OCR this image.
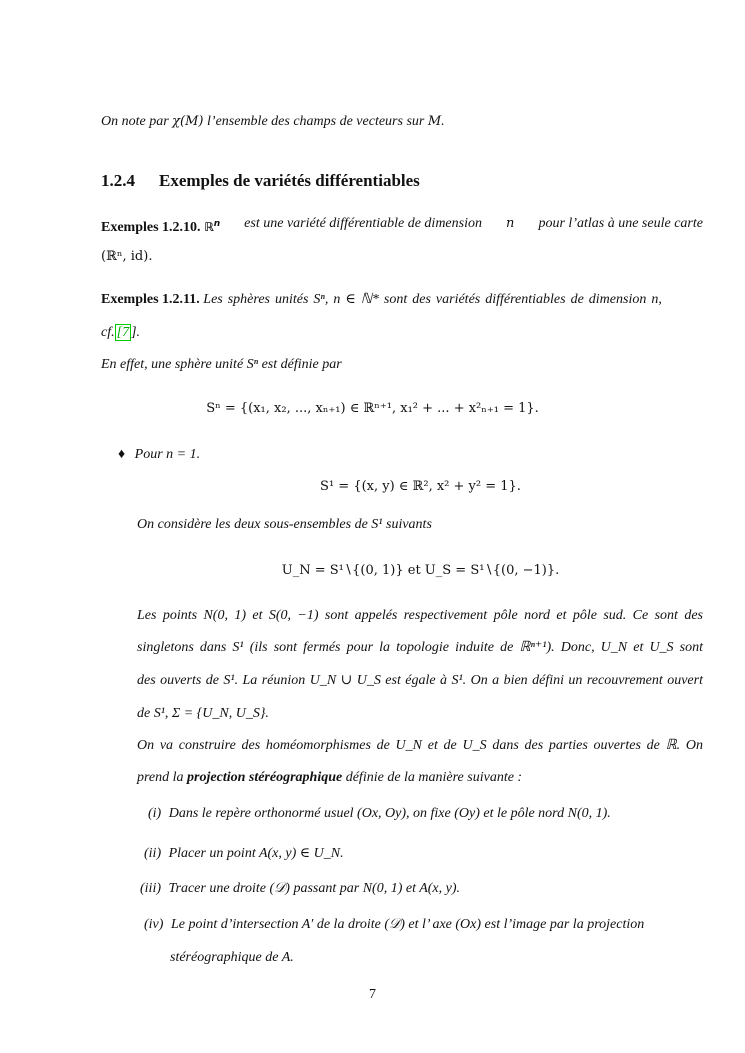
On note par χ(M) l’ensemble des champs de vecteurs sur M.
1.2.4 Exemples de variétés différentiables
Exemples 1.2.10. ℝ$^n$ est une variété différentiable de dimension n pour l’atlas à une seule carte
(ℝⁿ, id).
Exemples 1.2.11. Les sphères unités Sⁿ, n ∈ ℕ* sont des variétés différentiables de dimension n,
cf. [7 ].
En effet, une sphère unité Sⁿ est définie par
Sⁿ = {(x₁, x₂, ..., xₙ₊₁) ∈ ℝⁿ⁺¹, x₁² + ... + x²ₙ₊₁ = 1}.
♦ Pour n = 1.
S¹ = {(x, y) ∈ ℝ², x² + y² = 1}.
On considère les deux sous-ensembles de S¹ suivants
U_N = S¹∖{(0, 1)} et U_S = S¹∖{(0, −1)}.
Les points N(0, 1) et S(0, −1) sont appelés respectivement pôle nord et pôle sud. Ce sont des
singletons dans S¹ (ils sont fermés pour la topologie induite de ℝⁿ⁺¹). Donc, U_N et U_S sont
des ouverts de S¹. La réunion U_N ∪ U_S est égale à S¹. On a bien défini un recouvrement ouvert
de S¹, Σ = {U_N, U_S}.
On va construire des homéomorphismes de U_N et de U_S dans des parties ouvertes de ℝ. On
prend la projection stéréographique définie de la manière suivante :
(i) Dans le repère orthonormé usuel (Ox, Oy), on fixe (Oy) et le pôle nord N(0, 1).
(ii) Placer un point A(x, y) ∈ U_N.
(iii) Tracer une droite (𝒟) passant par N(0, 1) et A(x, y).
(iv) Le point d’intersection A′ de la droite (𝒟) et l’ axe (Ox) est l’image par la projection
stéréographique de A.
7
